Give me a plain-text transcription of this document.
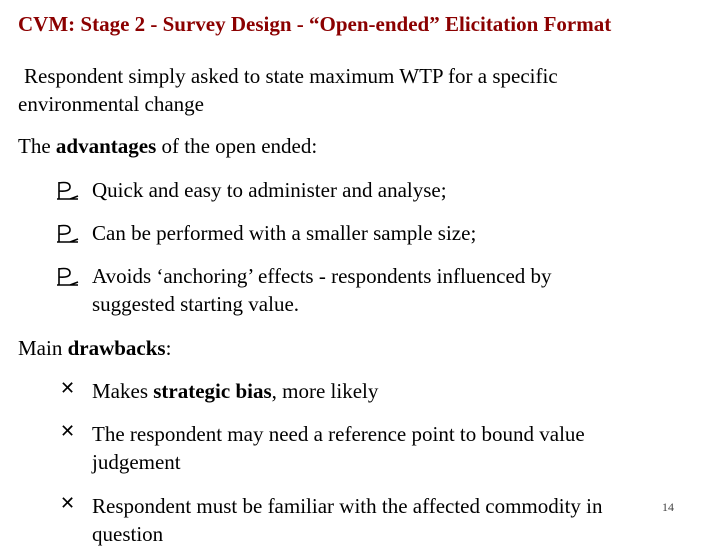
CVM: Stage 2 - Survey Design - “Open-ended” Elicitation Format
Respondent simply asked to state maximum WTP for a specific
environmental change
The advantages of the open ended:
Quick and easy to administer and analyse;
Can be performed with a smaller sample size;
Avoids ‘anchoring’ effects - respondents influenced by
suggested starting value.
Main drawbacks:
✕ Makes strategic bias, more likely
✕ The respondent may need a reference point to bound value
judgement
✕ Respondent must be familiar with the affected commodity in
question
14
